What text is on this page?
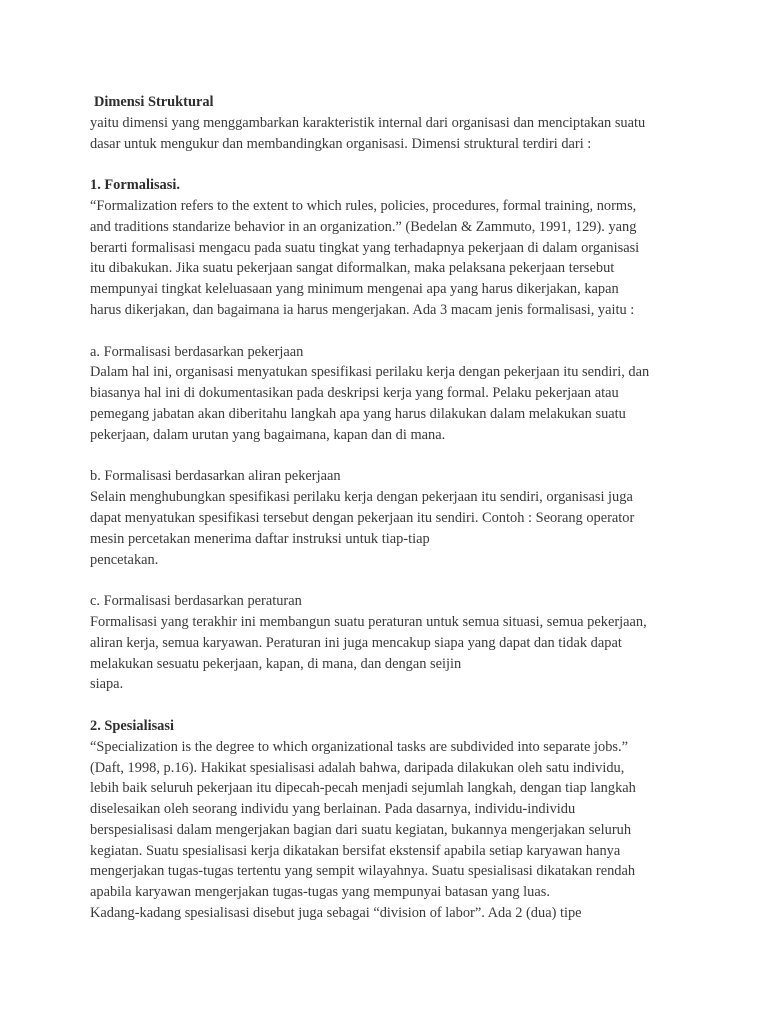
Dimensi Struktural
yaitu dimensi yang menggambarkan karakteristik internal dari organisasi dan menciptakan suatu
dasar untuk mengukur dan membandingkan organisasi. Dimensi struktural terdiri dari :
1. Formalisasi.
“Formalization refers to the extent to which rules, policies, procedures, formal training, norms,
and traditions standarize behavior in an organization.” (Bedelan & Zammuto, 1991, 129). yang
berarti formalisasi mengacu pada suatu tingkat yang terhadapnya pekerjaan di dalam organisasi
itu dibakukan. Jika suatu pekerjaan sangat diformalkan, maka pelaksana pekerjaan tersebut
mempunyai tingkat keleluasaan yang minimum mengenai apa yang harus dikerjakan, kapan
harus dikerjakan, dan bagaimana ia harus mengerjakan. Ada 3 macam jenis formalisasi, yaitu :
a. Formalisasi berdasarkan pekerjaan
Dalam hal ini, organisasi menyatukan spesifikasi perilaku kerja dengan pekerjaan itu sendiri, dan
biasanya hal ini di dokumentasikan pada deskripsi kerja yang formal. Pelaku pekerjaan atau
pemegang jabatan akan diberitahu langkah apa yang harus dilakukan dalam melakukan suatu
pekerjaan, dalam urutan yang bagaimana, kapan dan di mana.
b. Formalisasi berdasarkan aliran pekerjaan
Selain menghubungkan spesifikasi perilaku kerja dengan pekerjaan itu sendiri, organisasi juga
dapat menyatukan spesifikasi tersebut dengan pekerjaan itu sendiri. Contoh : Seorang operator
mesin percetakan menerima daftar instruksi untuk tiap-tiap
pencetakan.
c. Formalisasi berdasarkan peraturan
Formalisasi yang terakhir ini membangun suatu peraturan untuk semua situasi, semua pekerjaan,
aliran kerja, semua karyawan. Peraturan ini juga mencakup siapa yang dapat dan tidak dapat
melakukan sesuatu pekerjaan, kapan, di mana, dan dengan seijin
siapa.
2. Spesialisasi
“Specialization is the degree to which organizational tasks are subdivided into separate jobs.”
(Daft, 1998, p.16). Hakikat spesialisasi adalah bahwa, daripada dilakukan oleh satu individu,
lebih baik seluruh pekerjaan itu dipecah-pecah menjadi sejumlah langkah, dengan tiap langkah
diselesaikan oleh seorang individu yang berlainan. Pada dasarnya, individu-individu
berspesialisasi dalam mengerjakan bagian dari suatu kegiatan, bukannya mengerjakan seluruh
kegiatan. Suatu spesialisasi kerja dikatakan bersifat ekstensif apabila setiap karyawan hanya
mengerjakan tugas-tugas tertentu yang sempit wilayahnya. Suatu spesialisasi dikatakan rendah
apabila karyawan mengerjakan tugas-tugas yang mempunyai batasan yang luas.
Kadang-kadang spesialisasi disebut juga sebagai “division of labor”. Ada 2 (dua) tipe
